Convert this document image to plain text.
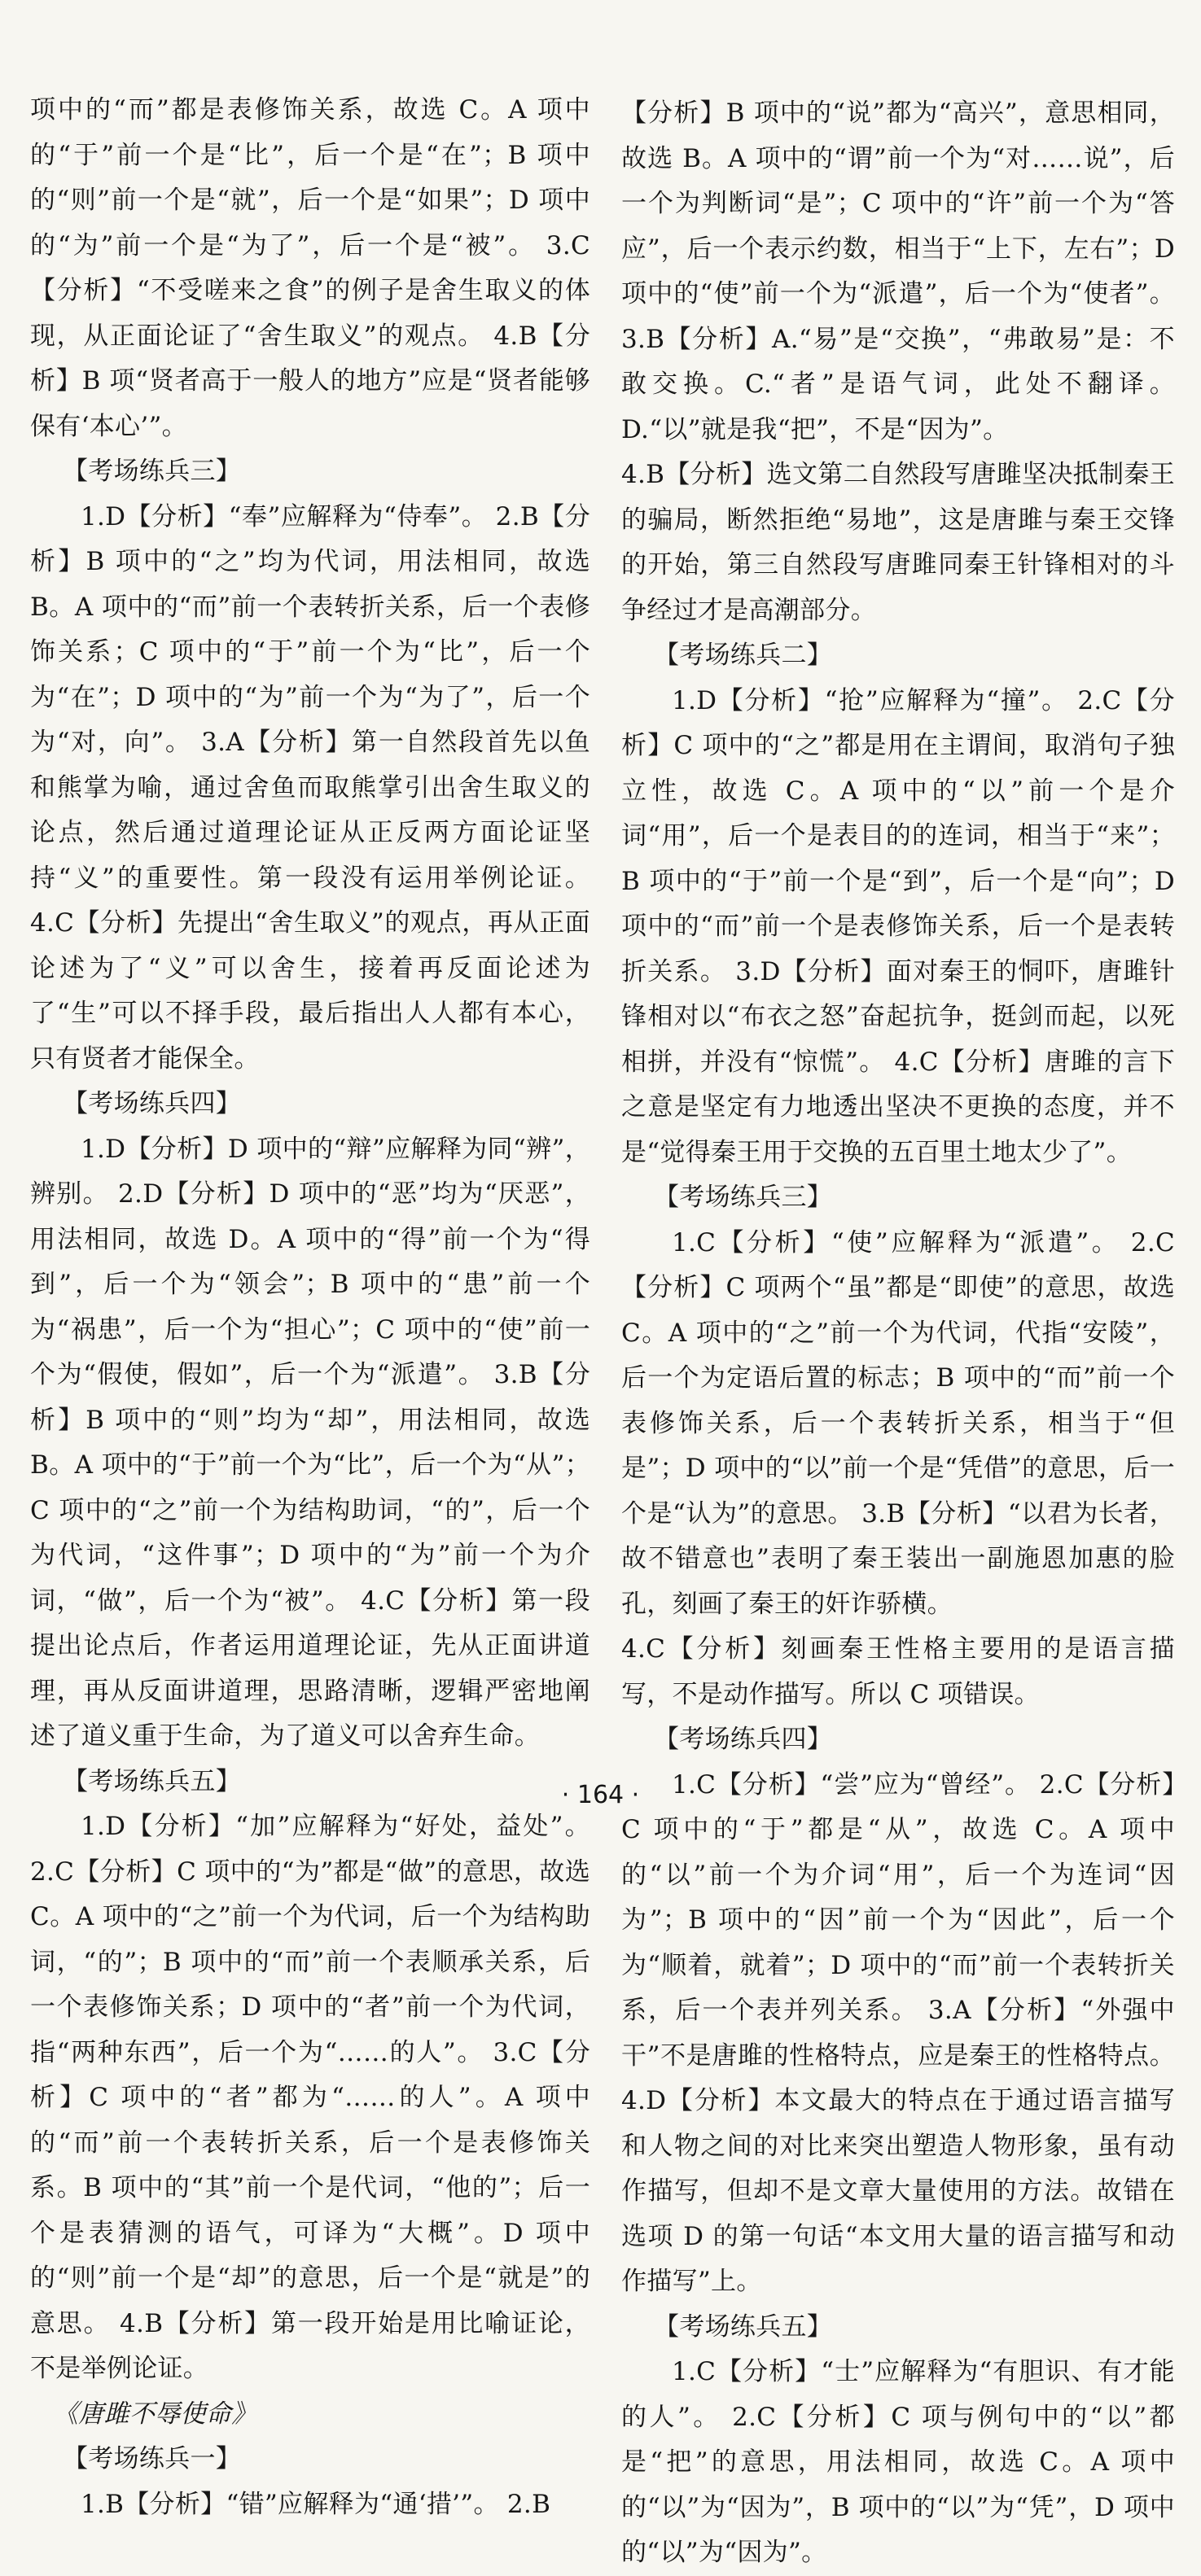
项中的“而”都是表修饰关系，故选 C。A 项中的“于”前一个是“比”，后一个是“在”；B 项中的“则”前一个是“就”，后一个是“如果”；D 项中的“为”前一个是“为了”，后一个是“被”。 3.C【分析】“不受嗟来之食”的例子是舍生取义的体现，从正面论证了“舍生取义”的观点。 4.B【分析】B 项“贤者高于一般人的地方”应是“贤者能够保有‘本心’”。

【考场练兵三】

1.D【分析】“奉”应解释为“侍奉”。 2.B【分析】B 项中的“之”均为代词，用法相同，故选 B。A 项中的“而”前一个表转折关系，后一个表修饰关系；C 项中的“于”前一个为“比”，后一个为“在”；D 项中的“为”前一个为“为了”，后一个为“对，向”。 3.A【分析】第一自然段首先以鱼和熊掌为喻，通过舍鱼而取熊掌引出舍生取义的论点，然后通过道理论证从正反两方面论证坚持“义”的重要性。第一段没有运用举例论证。 4.C【分析】先提出“舍生取义”的观点，再从正面论述为了“义”可以舍生，接着再反面论述为了“生”可以不择手段，最后指出人人都有本心，只有贤者才能保全。

【考场练兵四】

1.D【分析】D 项中的“辩”应解释为同“辨”，辨别。 2.D【分析】D 项中的“恶”均为“厌恶”，用法相同，故选 D。A 项中的“得”前一个为“得到”，后一个为“领会”；B 项中的“患”前一个为“祸患”，后一个为“担心”；C 项中的“使”前一个为“假使，假如”，后一个为“派遣”。 3.B【分析】B 项中的“则”均为“却”，用法相同，故选 B。A 项中的“于”前一个为“比”，后一个为“从”；C 项中的“之”前一个为结构助词，“的”，后一个为代词，“这件事”；D 项中的“为”前一个为介词，“做”，后一个为“被”。 4.C【分析】第一段提出论点后，作者运用道理论证，先从正面讲道理，再从反面讲道理，思路清晰，逻辑严密地阐述了道义重于生命，为了道义可以舍弃生命。

【考场练兵五】

1.D【分析】“加”应解释为“好处，益处”。 2.C【分析】C 项中的“为”都是“做”的意思，故选 C。A 项中的“之”前一个为代词，后一个为结构助词，“的”；B 项中的“而”前一个表顺承关系，后一个表修饰关系；D 项中的“者”前一个为代词，指“两种东西”，后一个为“……的人”。 3.C【分析】C 项中的“者”都为“……的人”。A 项中的“而”前一个表转折关系，后一个是表修饰关系。B 项中的“其”前一个是代词，“他的”；后一个是表猜测的语气，可译为“大概”。D 项中的“则”前一个是“却”的意思，后一个是“就是”的意思。 4.B【分析】第一段开始是用比喻证论，不是举例论证。

《唐雎不辱使命》

【考场练兵一】

1.B【分析】“错”应解释为“通‘措’”。 2.B

【分析】B 项中的“说”都为“高兴”，意思相同，故选 B。A 项中的“谓”前一个为“对……说”，后一个为判断词“是”；C 项中的“许”前一个为“答应”，后一个表示约数，相当于“上下，左右”；D 项中的“使”前一个为“派遣”，后一个为“使者”。 3.B【分析】A.“易”是“交换”，“弗敢易”是：不敢交换。C.“者”是语气词，此处不翻译。D.“以”就是我“把”，不是“因为”。

4.B【分析】选文第二自然段写唐雎坚决抵制秦王的骗局，断然拒绝“易地”，这是唐雎与秦王交锋的开始，第三自然段写唐雎同秦王针锋相对的斗争经过才是高潮部分。

【考场练兵二】

1.D【分析】“抢”应解释为“撞”。 2.C【分析】C 项中的“之”都是用在主谓间，取消句子独立性，故选 C。A 项中的“以”前一个是介词“用”，后一个是表目的的连词，相当于“来”；B 项中的“于”前一个是“到”，后一个是“向”；D 项中的“而”前一个是表修饰关系，后一个是表转折关系。 3.D【分析】面对秦王的恫吓，唐雎针锋相对以“布衣之怒”奋起抗争，挺剑而起，以死相拼，并没有“惊慌”。 4.C【分析】唐雎的言下之意是坚定有力地透出坚决不更换的态度，并不是“觉得秦王用于交换的五百里土地太少了”。

【考场练兵三】

1.C【分析】“使”应解释为“派遣”。 2.C【分析】C 项两个“虽”都是“即使”的意思，故选 C。A 项中的“之”前一个为代词，代指“安陵”，后一个为定语后置的标志；B 项中的“而”前一个表修饰关系，后一个表转折关系，相当于“但是”；D 项中的“以”前一个是“凭借”的意思，后一个是“认为”的意思。 3.B【分析】“以君为长者，故不错意也”表明了秦王装出一副施恩加惠的脸孔，刻画了秦王的奸诈骄横。

4.C【分析】刻画秦王性格主要用的是语言描写，不是动作描写。所以 C 项错误。

【考场练兵四】

1.C【分析】“尝”应为“曾经”。 2.C【分析】C 项中的“于”都是“从”，故选 C。A 项中的“以”前一个为介词“用”，后一个为连词“因为”；B 项中的“因”前一个为“因此”，后一个为“顺着，就着”；D 项中的“而”前一个表转折关系，后一个表并列关系。 3.A【分析】“外强中干”不是唐雎的性格特点，应是秦王的性格特点。 4.D【分析】本文最大的特点在于通过语言描写和人物之间的对比来突出塑造人物形象，虽有动作描写，但却不是文章大量使用的方法。故错在选项 D 的第一句话“本文用大量的语言描写和动作描写”上。

【考场练兵五】

1.C【分析】“士”应解释为“有胆识、有才能的人”。 2.C【分析】C 项与例句中的“以”都是“把”的意思，用法相同，故选 C。A 项中的“以”为“因为”，B 项中的“以”为“凭”，D 项中的“以”为“因为”。

· 164 ·
